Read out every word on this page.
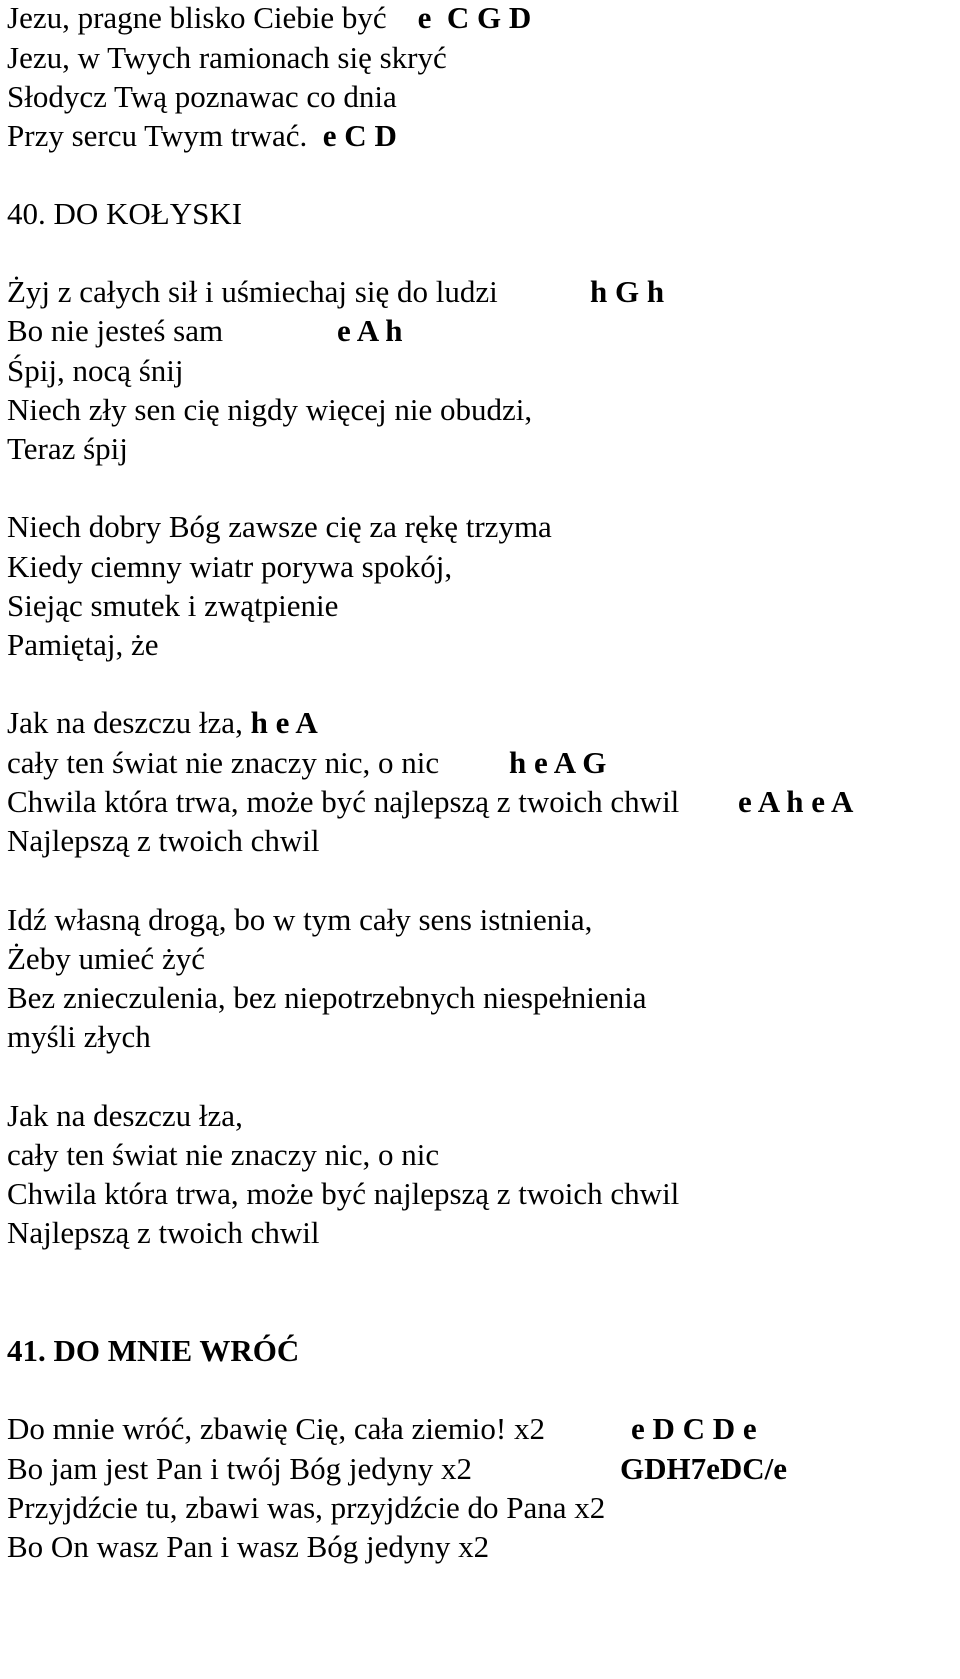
Jezu, pragne blisko Ciebie być e  C G D
Jezu, w Twych ramionach się skryć
Słodycz Twą poznawac co dnia
Przy sercu Twym trwać. e C D
40. DO KOŁYSKI
Żyj z całych sił i uśmiechaj się do ludzi	h G h
Bo nie jesteś sam	e A h
Śpij, nocą śnij
Niech zły sen cię nigdy więcej nie obudzi,
Teraz śpij
Niech dobry Bóg zawsze cię za rękę trzyma
Kiedy ciemny wiatr porywa spokój,
Siejąc smutek i zwątpienie
Pamiętaj, że
Jak na deszczu łza, h e A
cały ten świat nie znaczy nic, o nic h e A G
Chwila która trwa, może być najlepszą z twoich chwil e A h e A
Najlepszą z twoich chwil
Idź własną drogą, bo w tym cały sens istnienia,
Żeby umieć żyć
Bez znieczulenia, bez niepotrzebnych niespełnienia
myśli złych
Jak na deszczu łza,
cały ten świat nie znaczy nic, o nic
Chwila która trwa, może być najlepszą z twoich chwil
Najlepszą z twoich chwil
41. DO MNIE WRÓĆ
Do mnie wróć, zbawię Cię, cała ziemio! x2	e D C D e
Bo jam jest Pan i twój Bóg jedyny x2	GDH7eDC/e
Przyjdźcie tu, zbawi was, przyjdźcie do Pana x2
Bo On wasz Pan i wasz Bóg jedyny x2
